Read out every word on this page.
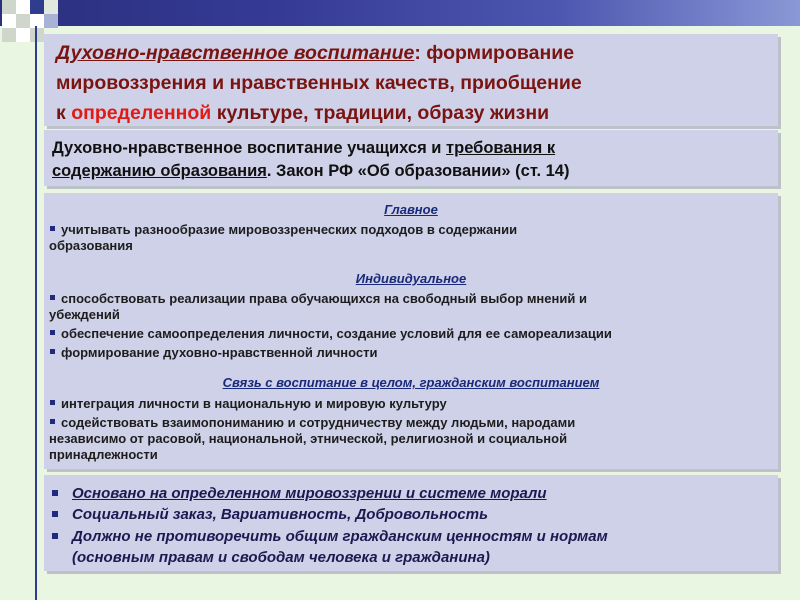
Духовно-нравственное воспитание: формирование
мировоззрения и нравственных качеств, приобщение
к определенной культуре, традиции, образу жизни
Духовно-нравственное воспитание учащихся и требования к
содержанию образования. Закон РФ «Об образовании» (ст. 14)
Главное
учитывать разнообразие мировоззренческих подходов в содержании
образования
Индивидуальное
способствовать реализации права обучающихся на свободный выбор мнений и
убеждений
обеспечение самоопределения личности, создание условий для ее самореализации
формирование духовно-нравственной личности
Связь с воспитание в целом, гражданским воспитанием
интеграция личности в национальную и мировую культуру
содействовать взаимопониманию и сотрудничеству между людьми, народами
независимо от расовой, национальной, этнической, религиозной и социальной
принадлежности
Основано на определенном мировоззрении и системе морали
Социальный заказ, Вариативность, Добровольность
Должно не противоречить общим гражданским ценностям и нормам
(основным правам и свободам человека и гражданина)
